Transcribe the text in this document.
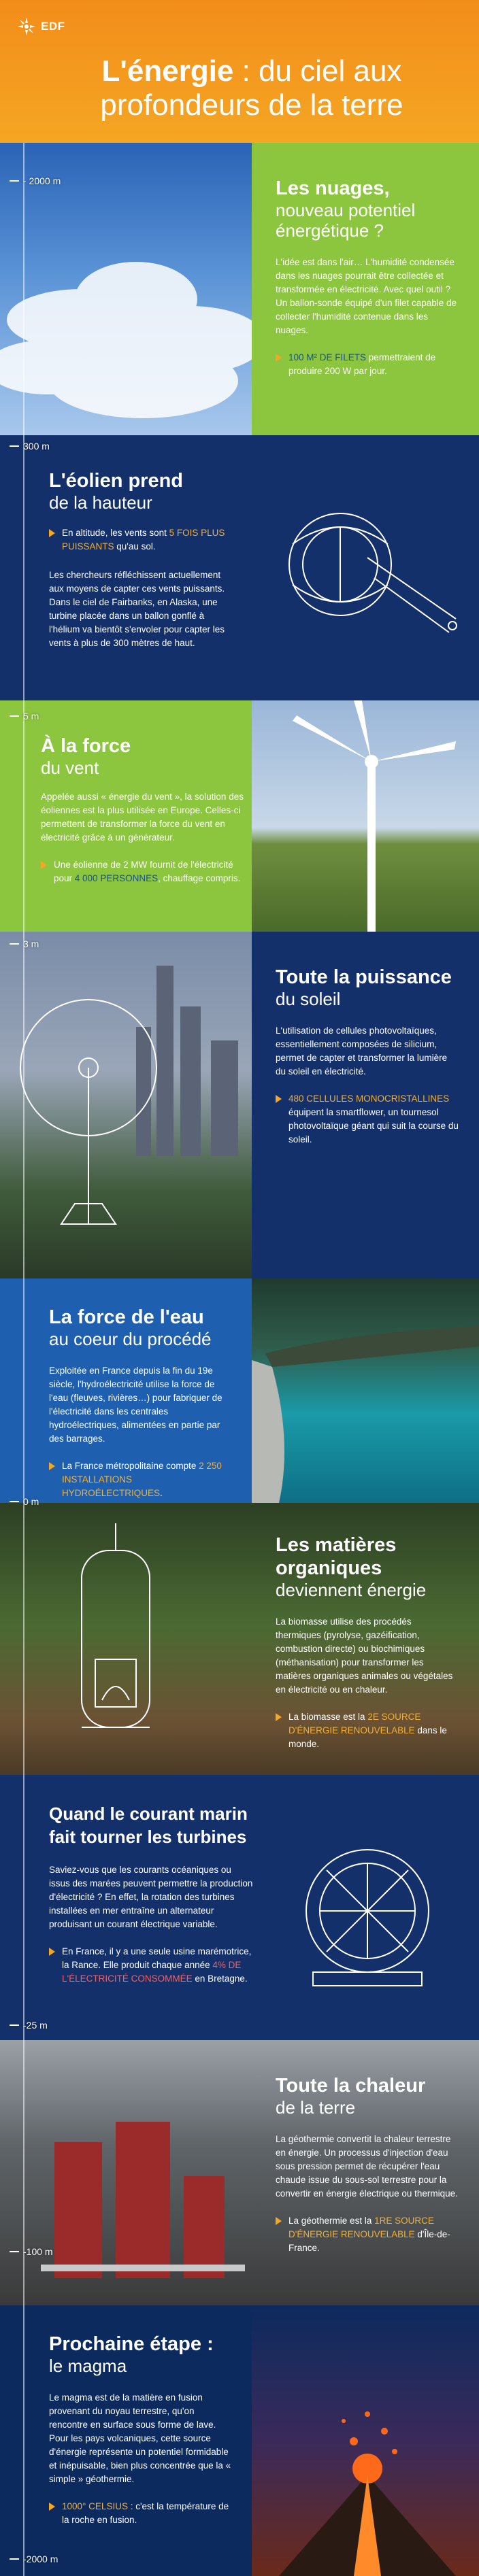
EDF
L'énergie : du ciel aux profondeurs de la terre
Les nuages,
nouveau potentiel énergétique ?

L'idée est dans l'air… L'humidité condensée dans les nuages pourrait être collectée et transformée en électricité. Avec quel outil ? Un ballon-sonde équipé d'un filet capable de collecter l'humidité contenue dans les nuages.

100 M² DE FILETS permettraient de produire 200 W par jour.
L'éolien prend
de la hauteur
En altitude, les vents sont 5 FOIS PLUS PUISSANTS qu'au sol.

Les chercheurs réfléchissent actuellement aux moyens de capter ces vents puissants. Dans le ciel de Fairbanks, en Alaska, une turbine placée dans un ballon gonflé à l'hélium va bientôt s'envoler pour capter les vents à plus de 300 mètres de haut.

À la force
du vent

Appelée aussi « énergie du vent », la solution des éoliennes est la plus utilisée en Europe. Celles-ci permettent de transformer la force du vent en électricité grâce à un générateur.

Une éolienne de 2 MW fournit de l'électricité pour 4 000 PERSONNES, chauffage compris.
Toute la puissance
du soleil

L'utilisation de cellules photovoltaïques, essentiellement composées de silicium, permet de capter et transformer la lumière du soleil en électricité.

480 CELLULES MONOCRISTALLINES équipent la smartflower, un tournesol photovoltaïque géant qui suit la course du soleil.
La force de l'eau
au coeur du procédé

Exploitée en France depuis la fin du 19e siècle, l'hydroélectricité utilise la force de l'eau (fleuves, rivières…) pour fabriquer de l'électricité dans les centrales hydroélectriques, alimentées en partie par des barrages.

La France métropolitaine compte 2 250 INSTALLATIONS HYDROÉLECTRIQUES.
Les matières organiques
deviennent énergie

La biomasse utilise des procédés thermiques (pyrolyse, gazéification, combustion directe) ou biochimiques (méthanisation) pour transformer les matières organiques animales ou végétales en électricité ou en chaleur.

La biomasse est la 2E SOURCE D'ÉNERGIE RENOUVELABLE dans le monde.
Quand le courant marin
fait tourner les turbines

Saviez-vous que les courants océaniques ou issus des marées peuvent permettre la production d'électricité ? En effet, la rotation des turbines installées en mer entraîne un alternateur produisant un courant électrique variable.

En France, il y a une seule usine marémotrice, la Rance. Elle produit chaque année 4% DE L'ÉLECTRICITÉ CONSOMMÉE en Bretagne.
Toute la chaleur
de la terre

La géothermie convertit la chaleur terrestre en énergie. Un processus d'injection d'eau sous pression permet de récupérer l'eau chaude issue du sous-sol terrestre pour la convertir en énergie électrique ou thermique.

La géothermie est la 1RE SOURCE D'ÉNERGIE RENOUVELABLE d'Île-de-France.
Prochaine étape :
le magma

Le magma est de la matière en fusion provenant du noyau terrestre, qu'on rencontre en surface sous forme de lave. Pour les pays volcaniques, cette source d'énergie représente un potentiel formidable et inépuisable, bien plus concentrée que la « simple » géothermie.

1000° CELSIUS : c'est la température de la roche en fusion.
- 2000 m
300 m
5 m
3 m
0 m
-25 m
-100 m
-2000 m
